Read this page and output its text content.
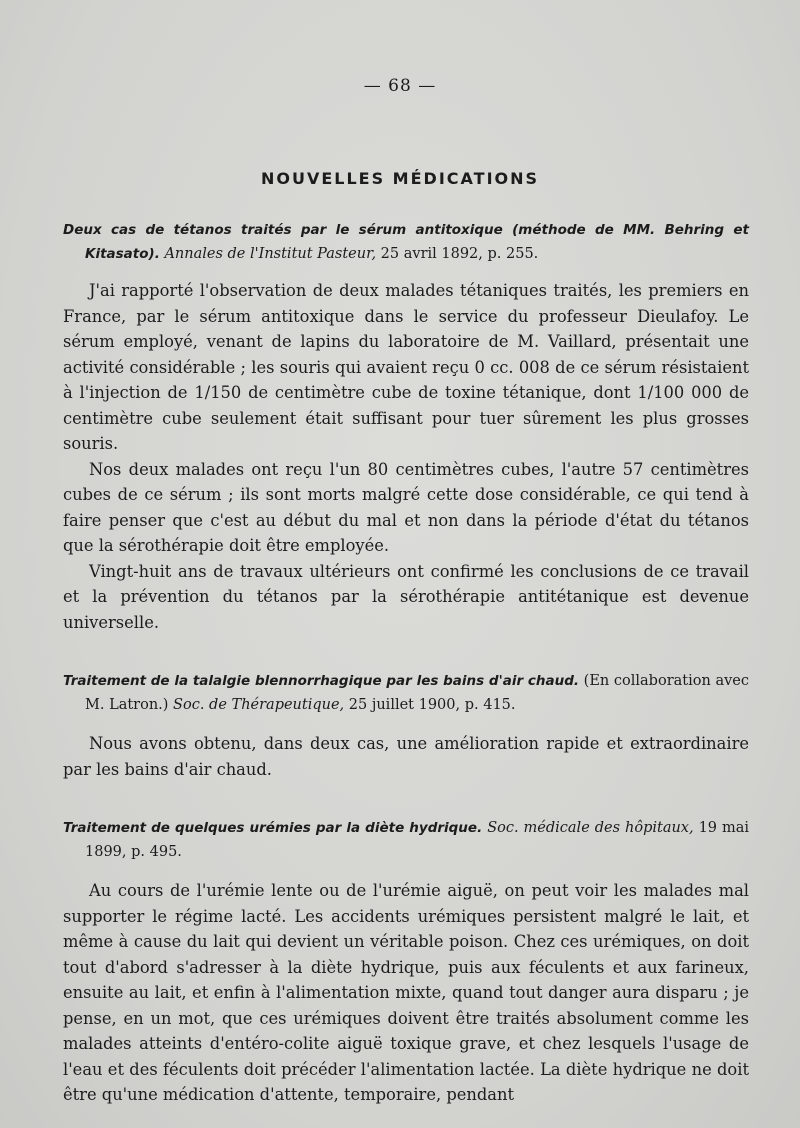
— 68 —
NOUVELLES MÉDICATIONS
Deux cas de tétanos traités par le sérum antitoxique (méthode de MM. Behring et Kitasato). Annales de l'Institut Pasteur, 25 avril 1892, p. 255.

J'ai rapporté l'observation de deux malades tétaniques traités, les premiers en France, par le sérum antitoxique dans le service du professeur Dieulafoy. Le sérum employé, venant de lapins du laboratoire de M. Vaillard, présentait une activité considérable ; les souris qui avaient reçu 0 cc. 008 de ce sérum résistaient à l'injection de 1/150 de centimètre cube de toxine tétanique, dont 1/100 000 de centimètre cube seulement était suffisant pour tuer sûrement les plus grosses souris.

Nos deux malades ont reçu l'un 80 centimètres cubes, l'autre 57 centimètres cubes de ce sérum ; ils sont morts malgré cette dose considérable, ce qui tend à faire penser que c'est au début du mal et non dans la période d'état du tétanos que la sérothérapie doit être employée.

Vingt-huit ans de travaux ultérieurs ont confirmé les conclusions de ce travail et la prévention du tétanos par la sérothérapie antitétanique est devenue universelle.

Traitement de la talalgie blennorrhagique par les bains d'air chaud. (En collaboration avec M. Latron.) Soc. de Thérapeutique, 25 juillet 1900, p. 415.

Nous avons obtenu, dans deux cas, une amélioration rapide et extraordinaire par les bains d'air chaud.

Traitement de quelques urémies par la diète hydrique. Soc. médicale des hôpitaux, 19 mai 1899, p. 495.

Au cours de l'urémie lente ou de l'urémie aiguë, on peut voir les malades mal supporter le régime lacté. Les accidents urémiques persistent malgré le lait, et même à cause du lait qui devient un véritable poison. Chez ces urémiques, on doit tout d'abord s'adresser à la diète hydrique, puis aux féculents et aux farineux, ensuite au lait, et enfin à l'alimentation mixte, quand tout danger aura disparu ; je pense, en un mot, que ces urémiques doivent être traités absolument comme les malades atteints d'entéro-colite aiguë toxique grave, et chez lesquels l'usage de l'eau et des féculents doit précéder l'alimentation lactée. La diète hydrique ne doit être qu'une médication d'attente, temporaire, pendant
